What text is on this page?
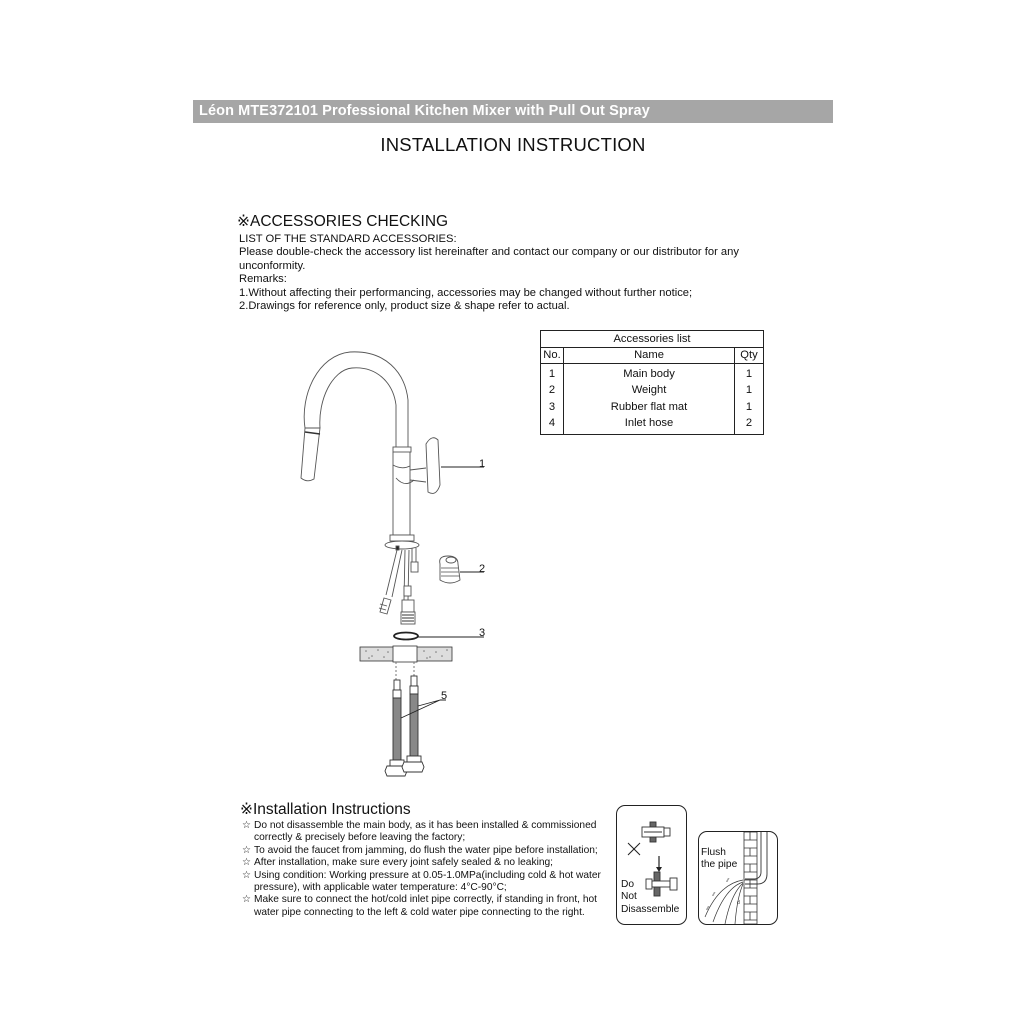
Léon MTE372101 Professional Kitchen Mixer with Pull Out Spray
INSTALLATION INSTRUCTION
※ACCESSORIES CHECKING
LIST OF THE STANDARD ACCESSORIES:
Please double-check the accessory list hereinafter and contact our company or our distributor for any
unconformity.
Remarks:
1.Without affecting their performancing, accessories may be changed without further notice;
2.Drawings for reference only, product size & shape refer to actual.
Accessories list		
No.	Name	Qty
1	Main body	1
2	Weight	1
3	Rubber flat mat	1
4	Inlet hose	2
1
2
3
5
※Installation Instructions
☆ Do not disassemble the main body, as it has been installed & commissioned correctly & precisely before leaving the factory;
☆ To avoid the faucet from jamming, do flush the water pipe before installation;
☆ After installation, make sure every joint safely sealed & no leaking;
☆ Using condition: Working pressure at 0.05-1.0MPa(including cold & hot water pressure), with applicable water temperature: 4°C-90°C;
☆ Make sure to connect the hot/cold inlet pipe correctly, if standing in front, hot water pipe connecting to the left & cold water pipe connecting to the right.
Do
Not
Disassemble
⁄⁄
⁄⁄
⁄⁄
d
Flush
the pipe
